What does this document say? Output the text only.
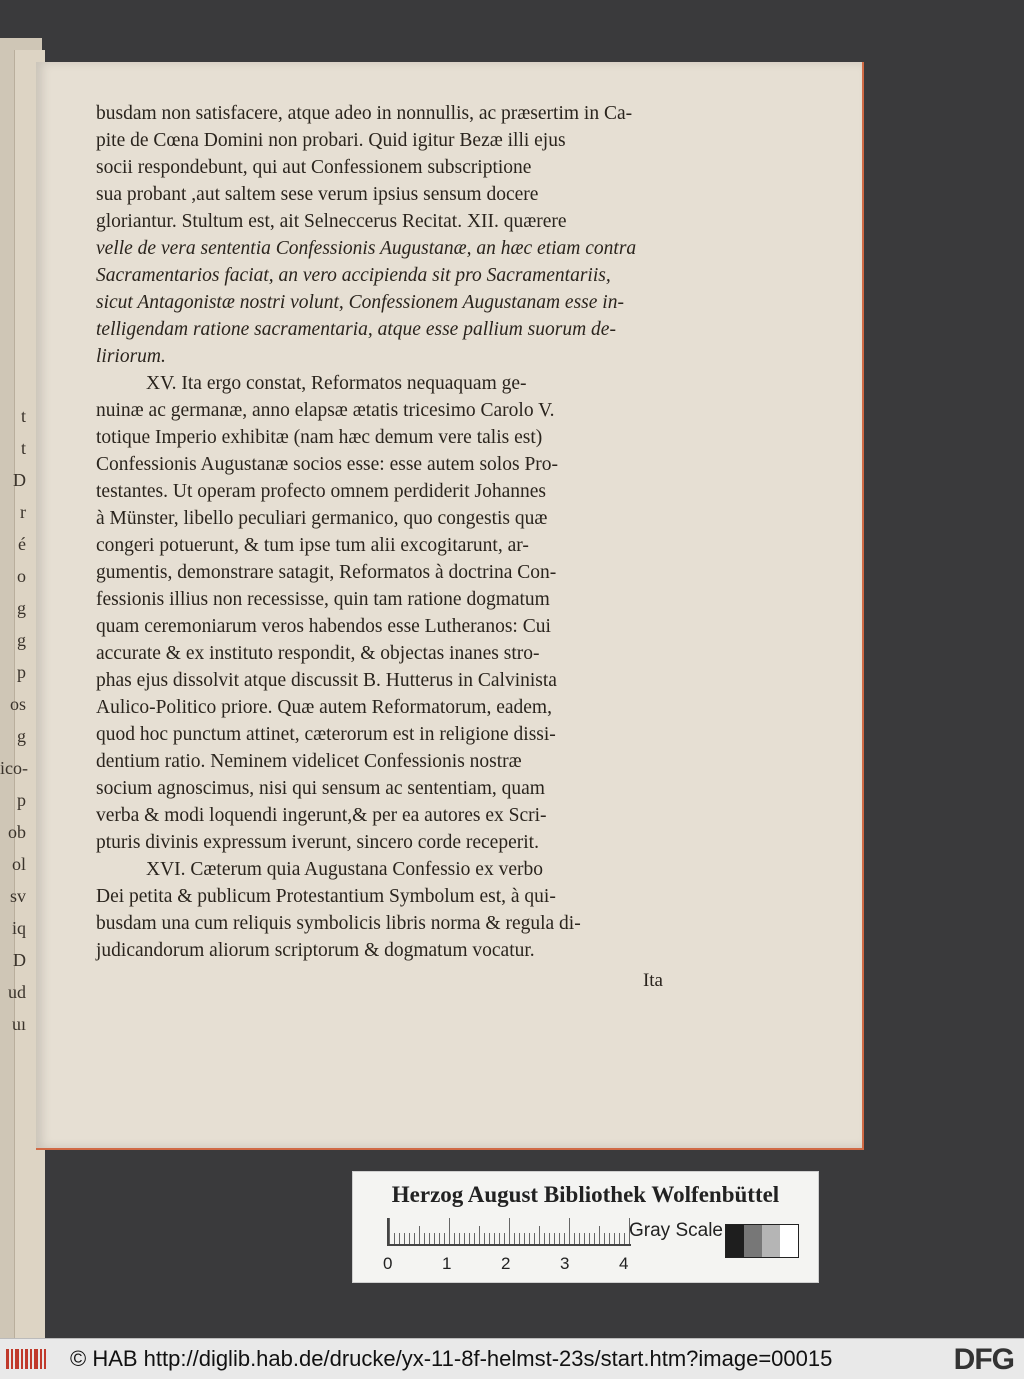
t
t
D
r
é
o
g
g
p
os
g
ico-
p
ob
ol
sv
iq
D
ud
uı

busdam non satisfacere, atque adeo in nonnullis, ac præsertim in Ca-

pite de Cœna Domini non probari. Quid igitur Bezæ illi ejus

socii respondebunt, qui aut Confessionem subscriptione

sua probant ,aut saltem sese verum ipsius sensum docere

gloriantur. Stultum est, ait Selneccerus Recitat. XII. quærere

velle de vera sententia Confessionis Augustanæ, an hæc etiam contra

Sacramentarios faciat, an vero accipienda sit pro Sacramentariis,

sicut Antagonistæ nostri volunt, Confessionem Augustanam esse in-

telligendam ratione sacramentaria, atque esse pallium suorum de-

liriorum.

XV. Ita ergo constat, Reformatos nequaquam ge-

nuinæ ac germanæ, anno elapsæ ætatis tricesimo Carolo V.

totique Imperio exhibitæ (nam hæc demum vere talis est)

Confessionis Augustanæ socios esse: esse autem solos Pro-

testantes. Ut operam profecto omnem perdiderit Johannes

à Münster, libello peculiari germanico, quo congestis quæ

congeri potuerunt, & tum ipse tum alii excogitarunt, ar-

gumentis, demonstrare satagit, Reformatos à doctrina Con-

fessionis illius non recessisse, quin tam ratione dogmatum

quam ceremoniarum veros habendos esse Lutheranos: Cui

accurate & ex instituto respondit, & objectas inanes stro-

phas ejus dissolvit atque discussit B. Hutterus in Calvinista

Aulico-Politico priore. Quæ autem Reformatorum, eadem,

quod hoc punctum attinet, cæterorum est in religione dissi-

dentium ratio. Neminem videlicet Confessionis nostræ

socium agnoscimus, nisi qui sensum ac sententiam, quam

verba & modi loquendi ingerunt,& per ea autores ex Scri-

pturis divinis expressum iverunt, sincero corde receperit.

XVI. Cæterum quia Augustana Confessio ex verbo

Dei petita & publicum Protestantium Symbolum est, à qui-

busdam una cum reliquis symbolicis libris norma & regula di-

judicandorum aliorum scriptorum & dogmatum vocatur.

Ita
Herzog August Bibliothek Wolfenbüttel
0	1	2	3	4
Gray Scale
© HAB http://diglib.hab.de/drucke/yx-11-8f-helmst-23s/start.htm?image=00015	DFG
